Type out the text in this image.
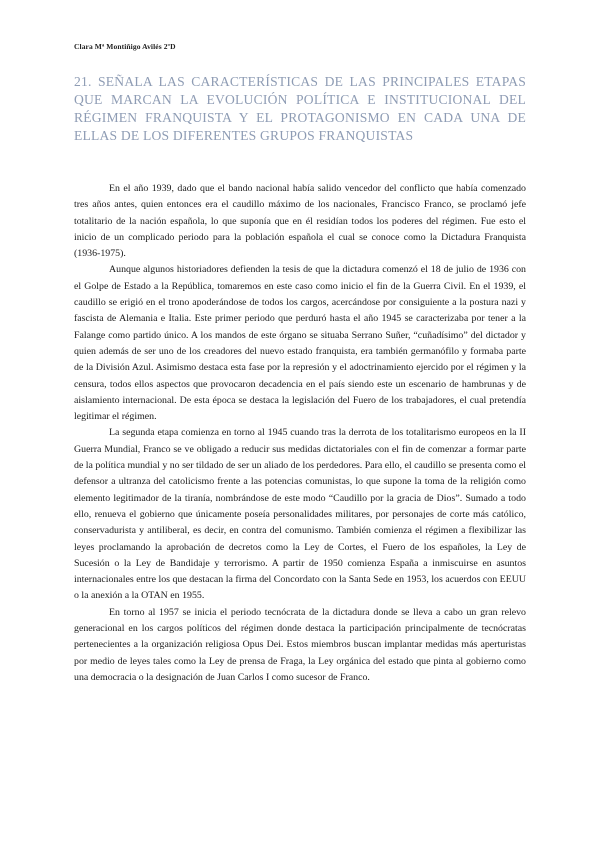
Clara Mª Montiñigo Avilés 2ºD
21. SEÑALA LAS CARACTERÍSTICAS DE LAS PRINCIPALES ETAPAS QUE MARCAN LA EVOLUCIÓN POLÍTICA E INSTITUCIONAL DEL RÉGIMEN FRANQUISTA Y EL PROTAGONISMO EN CADA UNA DE ELLAS DE LOS DIFERENTES GRUPOS FRANQUISTAS

En el año 1939, dado que el bando nacional había salido vencedor del conflicto que había comenzado tres años antes, quien entonces era el caudillo máximo de los nacionales, Francisco Franco, se proclamó jefe totalitario de la nación española, lo que suponía que en él residían todos los poderes del régimen. Fue esto el inicio de un complicado periodo para la población española el cual se conoce como la Dictadura Franquista (1936-1975).

Aunque algunos historiadores defienden la tesis de que la dictadura comenzó el 18 de julio de 1936 con el Golpe de Estado a la República, tomaremos en este caso como inicio el fin de la Guerra Civil. En el 1939, el caudillo se erigió en el trono apoderándose de todos los cargos, acercándose por consiguiente a la postura nazi y fascista de Alemania e Italia. Este primer periodo que perduró hasta el año 1945 se caracterizaba por tener a la Falange como partido único. A los mandos de este órgano se situaba Serrano Suñer, “cuñadísimo” del dictador y quien además de ser uno de los creadores del nuevo estado franquista, era también germanófilo y formaba parte de la División Azul. Asimismo destaca esta fase por la represión y el adoctrinamiento ejercido por el régimen y la censura, todos ellos aspectos que provocaron decadencia en el país siendo este un escenario de hambrunas y de aislamiento internacional. De esta época se destaca la legislación del Fuero de los trabajadores, el cual pretendía legitimar el régimen.

La segunda etapa comienza en torno al 1945 cuando tras la derrota de los totalitarismo europeos en la II Guerra Mundial, Franco se ve obligado a reducir sus medidas dictatoriales con el fin de comenzar a formar parte de la política mundial y no ser tildado de ser un aliado de los perdedores. Para ello, el caudillo se presenta como el defensor a ultranza del catolicismo frente a las potencias comunistas, lo que supone la toma de la religión como elemento legitimador de la tiranía, nombrándose de este modo “Caudillo por la gracia de Dios”. Sumado a todo ello, renueva el gobierno que únicamente poseía personalidades militares, por personajes de corte más católico, conservadurista y antiliberal, es decir, en contra del comunismo. También comienza el régimen a flexibilizar las leyes proclamando la aprobación de decretos como la Ley de Cortes, el Fuero de los españoles, la Ley de Sucesión o la Ley de Bandidaje y terrorismo. A partir de 1950 comienza España a inmiscuirse en asuntos internacionales entre los que destacan la firma del Concordato con la Santa Sede en 1953, los acuerdos con EEUU o la anexión a la OTAN en 1955.

En torno al 1957 se inicia el periodo tecnócrata de la dictadura donde se lleva a cabo un gran relevo generacional en los cargos políticos del régimen donde destaca la participación principalmente de tecnócratas pertenecientes a la organización religiosa Opus Dei. Estos miembros buscan implantar medidas más aperturistas por medio de leyes tales como la Ley de prensa de Fraga, la Ley orgánica del estado que pinta al gobierno como una democracia o la designación de Juan Carlos I como sucesor de Franco.
